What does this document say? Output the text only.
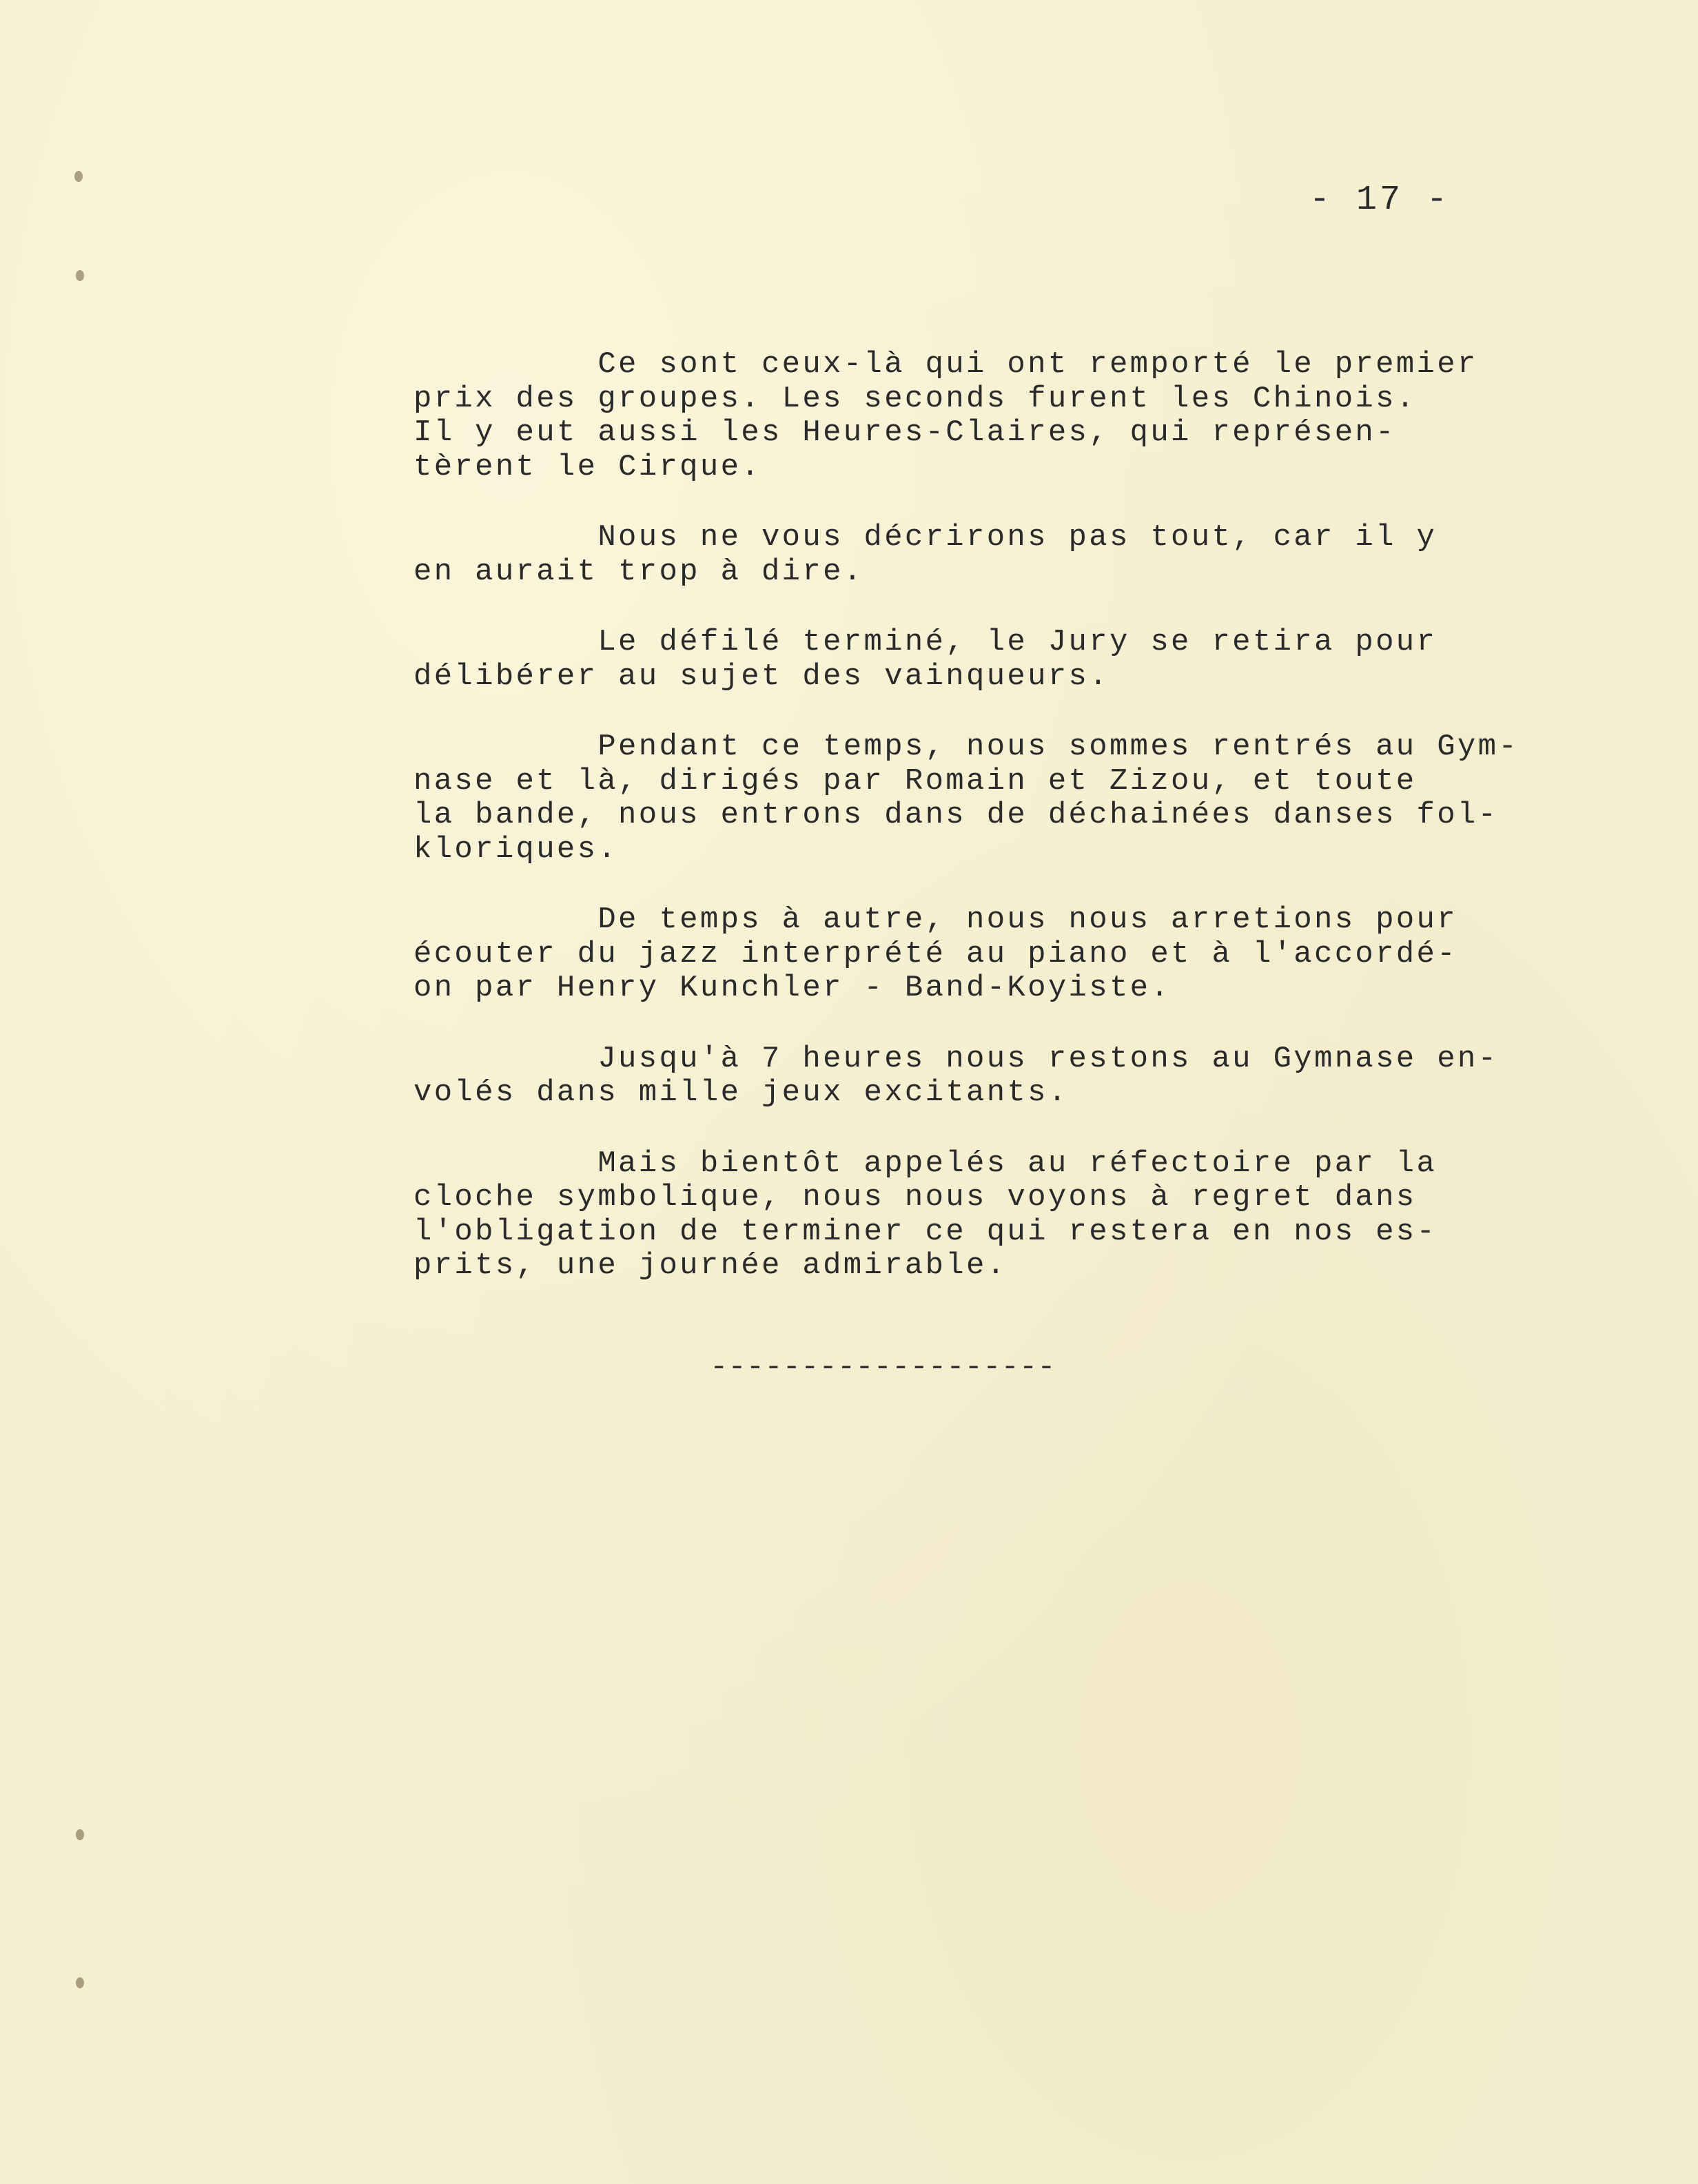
- 17 -
Ce sont ceux-là qui ont remporté le premier
prix des groupes. Les seconds furent les Chinois.
Il y eut aussi les Heures-Claires, qui représen-
tèrent le Cirque.
Nous ne vous décrirons pas tout, car il y
en aurait trop à dire.
Le défilé terminé, le Jury se retira pour
délibérer au sujet des vainqueurs.
Pendant ce temps, nous sommes rentrés au Gym-
nase et là, dirigés par Romain et Zizou, et toute
la bande, nous entrons dans de déchainées danses fol-
kloriques.
De temps à autre, nous nous arretions pour
écouter du jazz interprété au piano et à l'accordé-
on par Henry Kunchler - Band-Koyiste.
Jusqu'à 7 heures nous restons au Gymnase en-
volés dans mille jeux excitants.
Mais bientôt appelés au réfectoire par la
cloche symbolique, nous nous voyons à regret dans
l'obligation de terminer ce qui restera en nos es-
prits, une journée admirable.
-------------------
